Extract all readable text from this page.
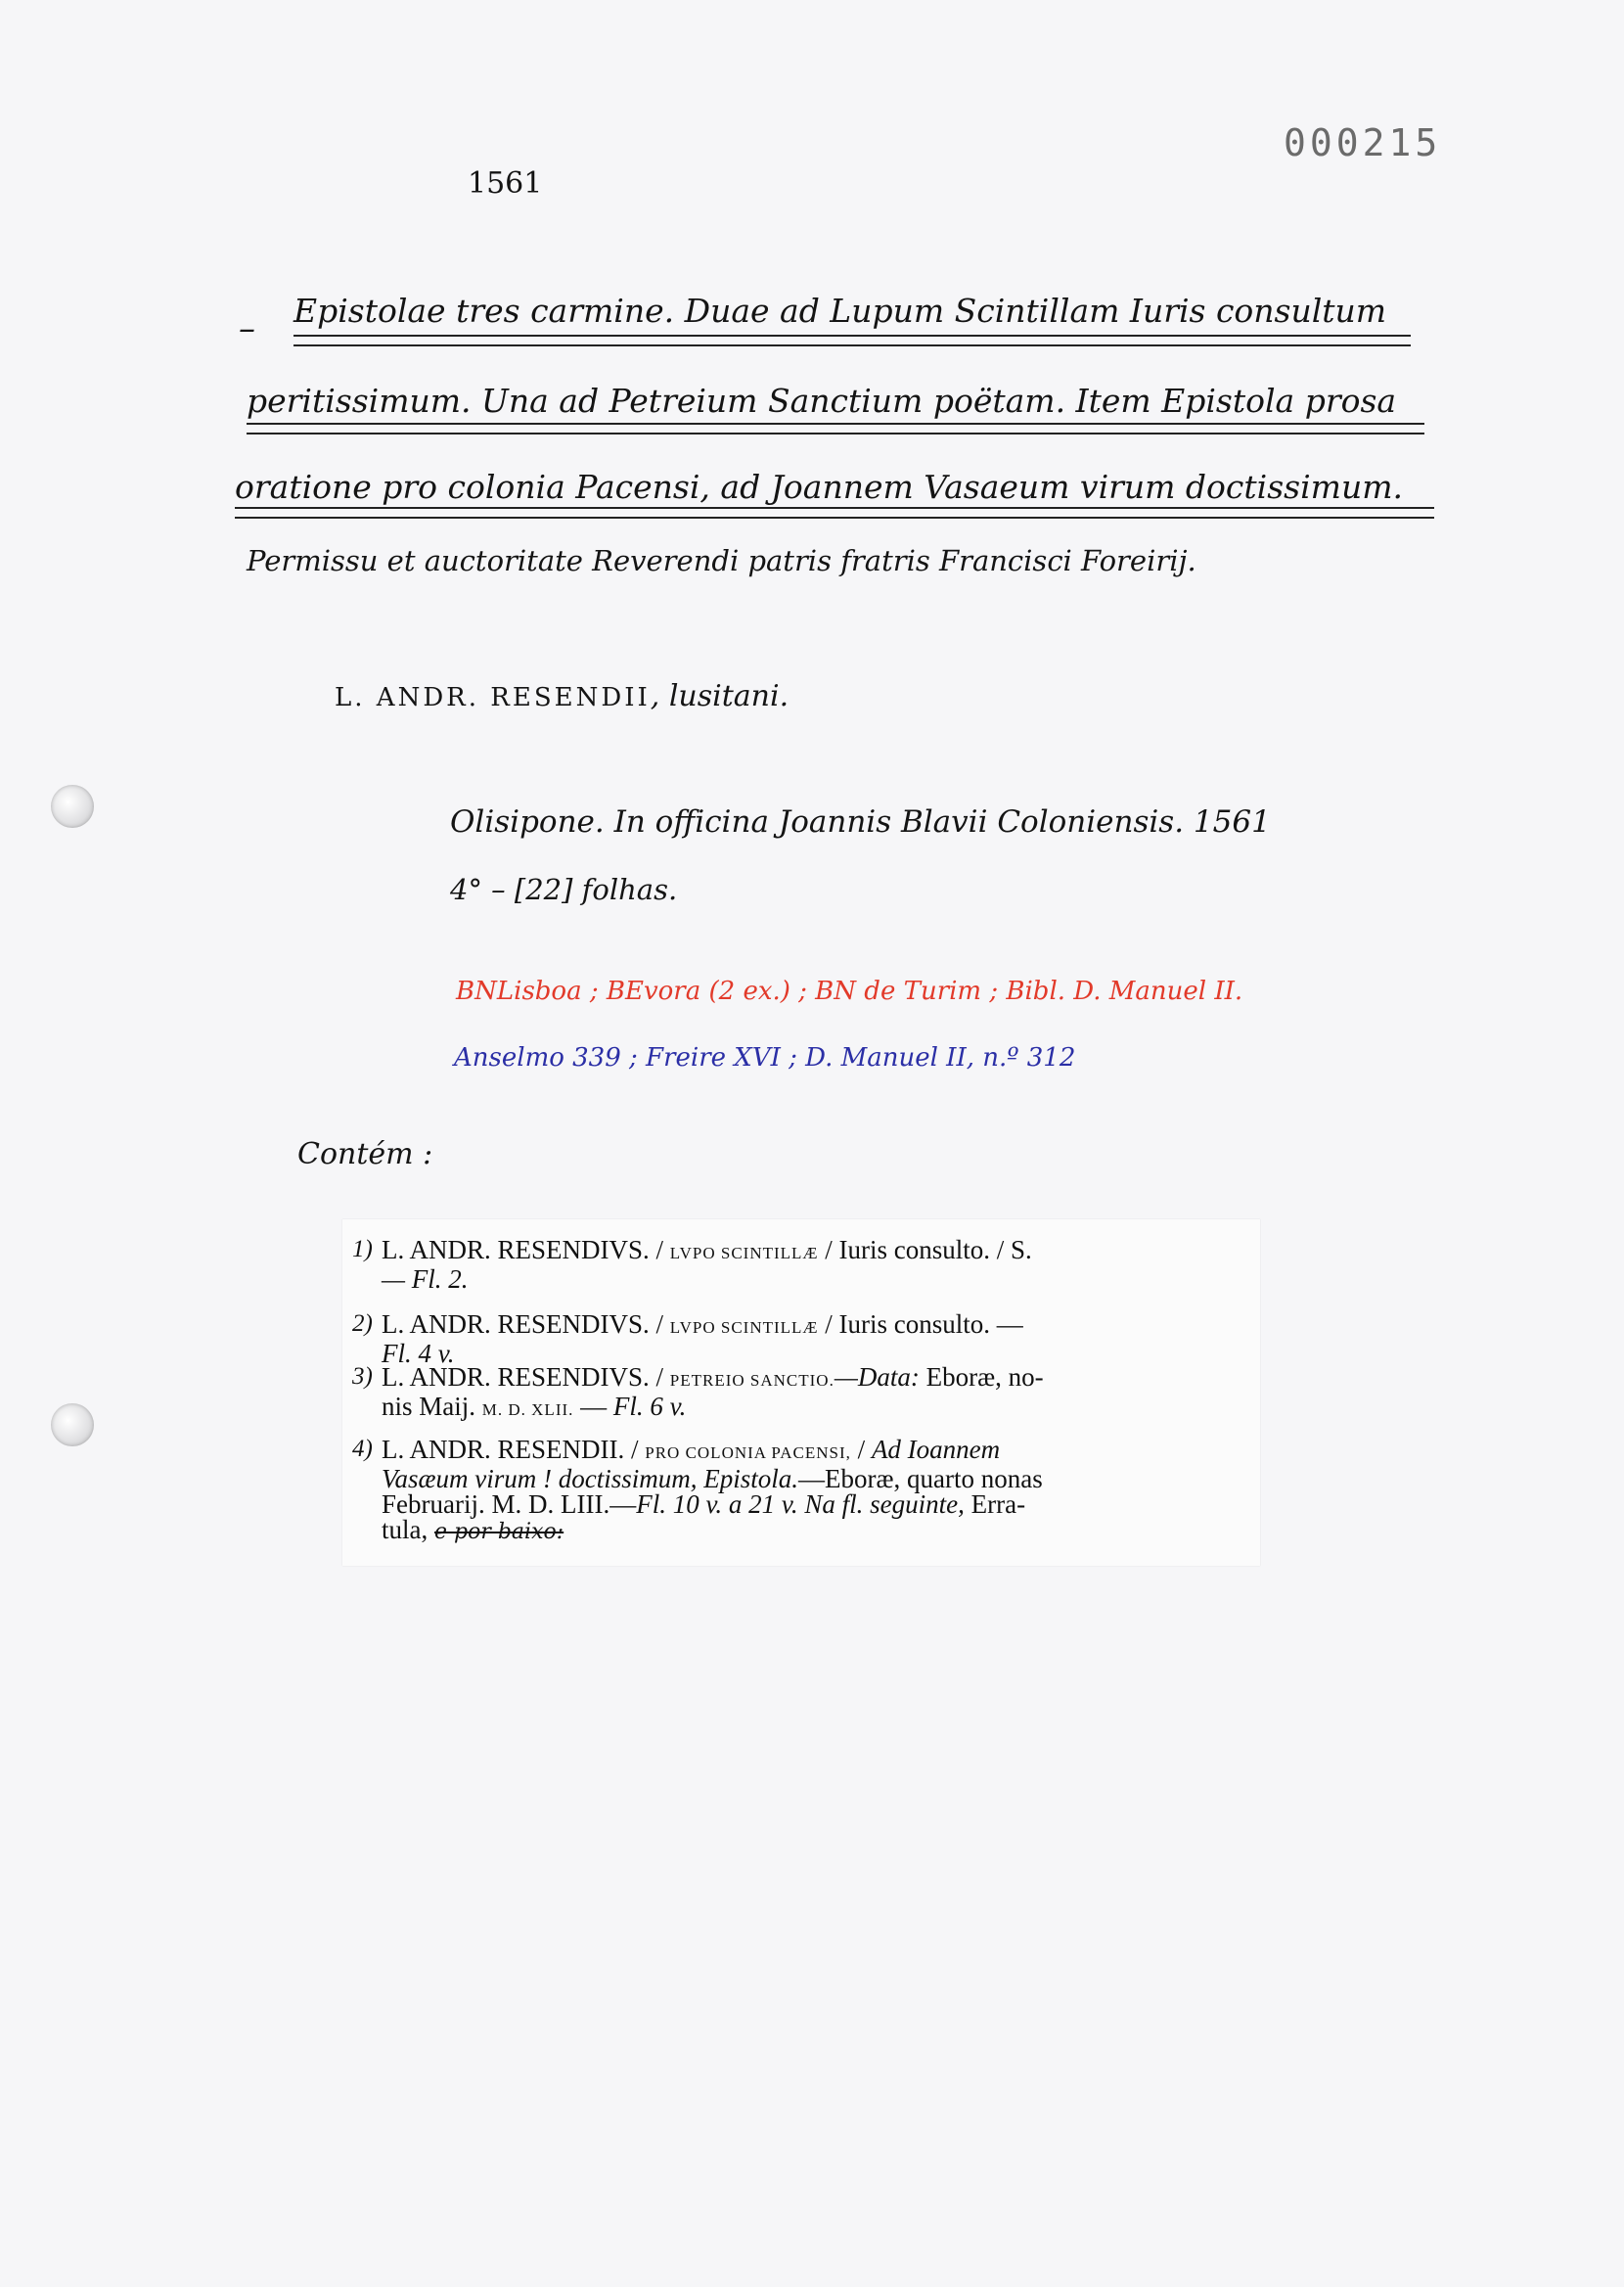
000215
1561
– Epistolae tres carmine. Duae ad Lupum Scintillam Iuris consultum
peritissimum. Una ad Petreium Sanctium poëtam. Item Epistola prosa
oratione pro colonia Pacensi, ad Joannem Vasaeum virum doctissimum.
Permissu et auctoritate Reverendi patris fratris Francisci Foreirij.
L. ANDR. RESENDII, lusitani.
Olisipone. In officina Joannis Blavii Coloniensis. 1561
4° – [22] folhas.
BNLisboa ; BEvora (2 ex.) ; BN de Turim ; Bibl. D. Manuel II.
Anselmo 339 ; Freire XVI ; D. Manuel II, n.º 312
Contém :
1) L. ANDR. RESENDIVS. / LVPO SCINTILLÆ / Iuris consulto. / S.
— Fl. 2.
2) L. ANDR. RESENDIVS. / LVPO SCINTILLÆ / Iuris consulto. —
Fl. 4 v.
3) L. ANDR. RESENDIVS. / PETREIO SANCTIO.—Data: Eboræ, no-
nis Maij. M. D. XLII. — Fl. 6 v.
4) L. ANDR. RESENDII. / PRO COLONIA PACENSI, / Ad Ioannem
Vasæum virum ! doctissimum, Epistola.—Eboræ, quarto nonas
Februarij. M. D. LIII.—Fl. 10 v. a 21 v. Na fl. seguinte, Erra-
tula, e por baixo:
